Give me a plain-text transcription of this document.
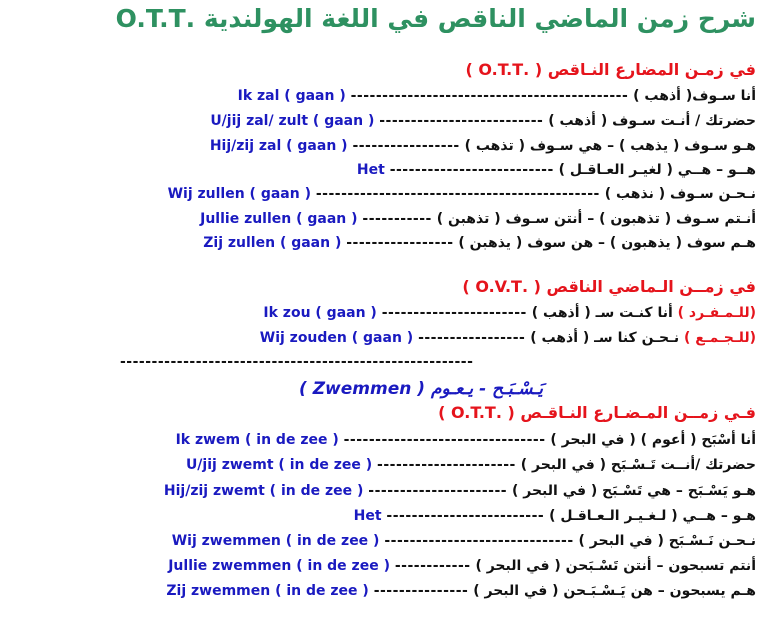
شرح زمن الماضي الناقص في اللغة الهولندية .O.T.T
في زمـن المضارع النـاقص ( .O.T.T )
Ik zal ( gaan ) -------------------------------------------- أنا سـوف( أذهب )
U/jij zal/ zult ( gaan ) -------------------------- حضرتك / أنـت سـوف ( أذهب )
Hij/zij zal ( gaan ) ----------------- هـو سـوف ( يذهب ) – هي سـوف ( تذهب )
Het -------------------------- هــو – هــي ( لغيـر العـاقـل )
Wij zullen ( gaan ) --------------------------------------------- نـحـن سـوف ( نذهب )
Jullie zullen ( gaan ) ----------- أنـتم سـوف ( تذهبون ) – أنتن سـوف ( تذهبن )
Zij zullen ( gaan ) ----------------- هـم سوف ( يذهبون ) – هن سوف ( يذهبن )
في زمــن الـماضي الناقص ( .O.V.T )
Ik zou ( gaan ) ----------------------- أنا كنـت سـ ( أذهب ) (للـمـفـرد )
Wij zouden ( gaan ) ----------------- نـحـن كنا سـ ( أذهب ) (للـجـمـع )
--------------------------------------------------------
يَـسْـبَـح - يـعـوم ( Zwemmen )
فـي زمــن المـضـارع النـاقـص ( .O.T.T )
Ik zwem ( in de zee ) -------------------------------- أنا أسْبَح ( أعوم ) ( في البحر )
U/jij zwemt ( in de zee ) ---------------------- حضرتك /أنــت تَـسْـبَح ( في البحر )
Hij/zij zwemt ( in de zee ) ---------------------- هـو يَسْـبَح – هي تَسْـبَح ( في البحر )
Het ------------------------- هـو – هــي ( لـغـيـر الـعـاقـل )
Wij zwemmen ( in de zee ) ------------------------------ نـحـن نَـسْـبَح ( في البحر )
Jullie zwemmen ( in de zee ) ------------ أنتم تسبحون – أنتن تَسْـبَحن ( في البحر )
Zij zwemmen ( in de zee ) --------------- هـم يسبحون – هن يَـسْـبَـحن ( في البحر )
